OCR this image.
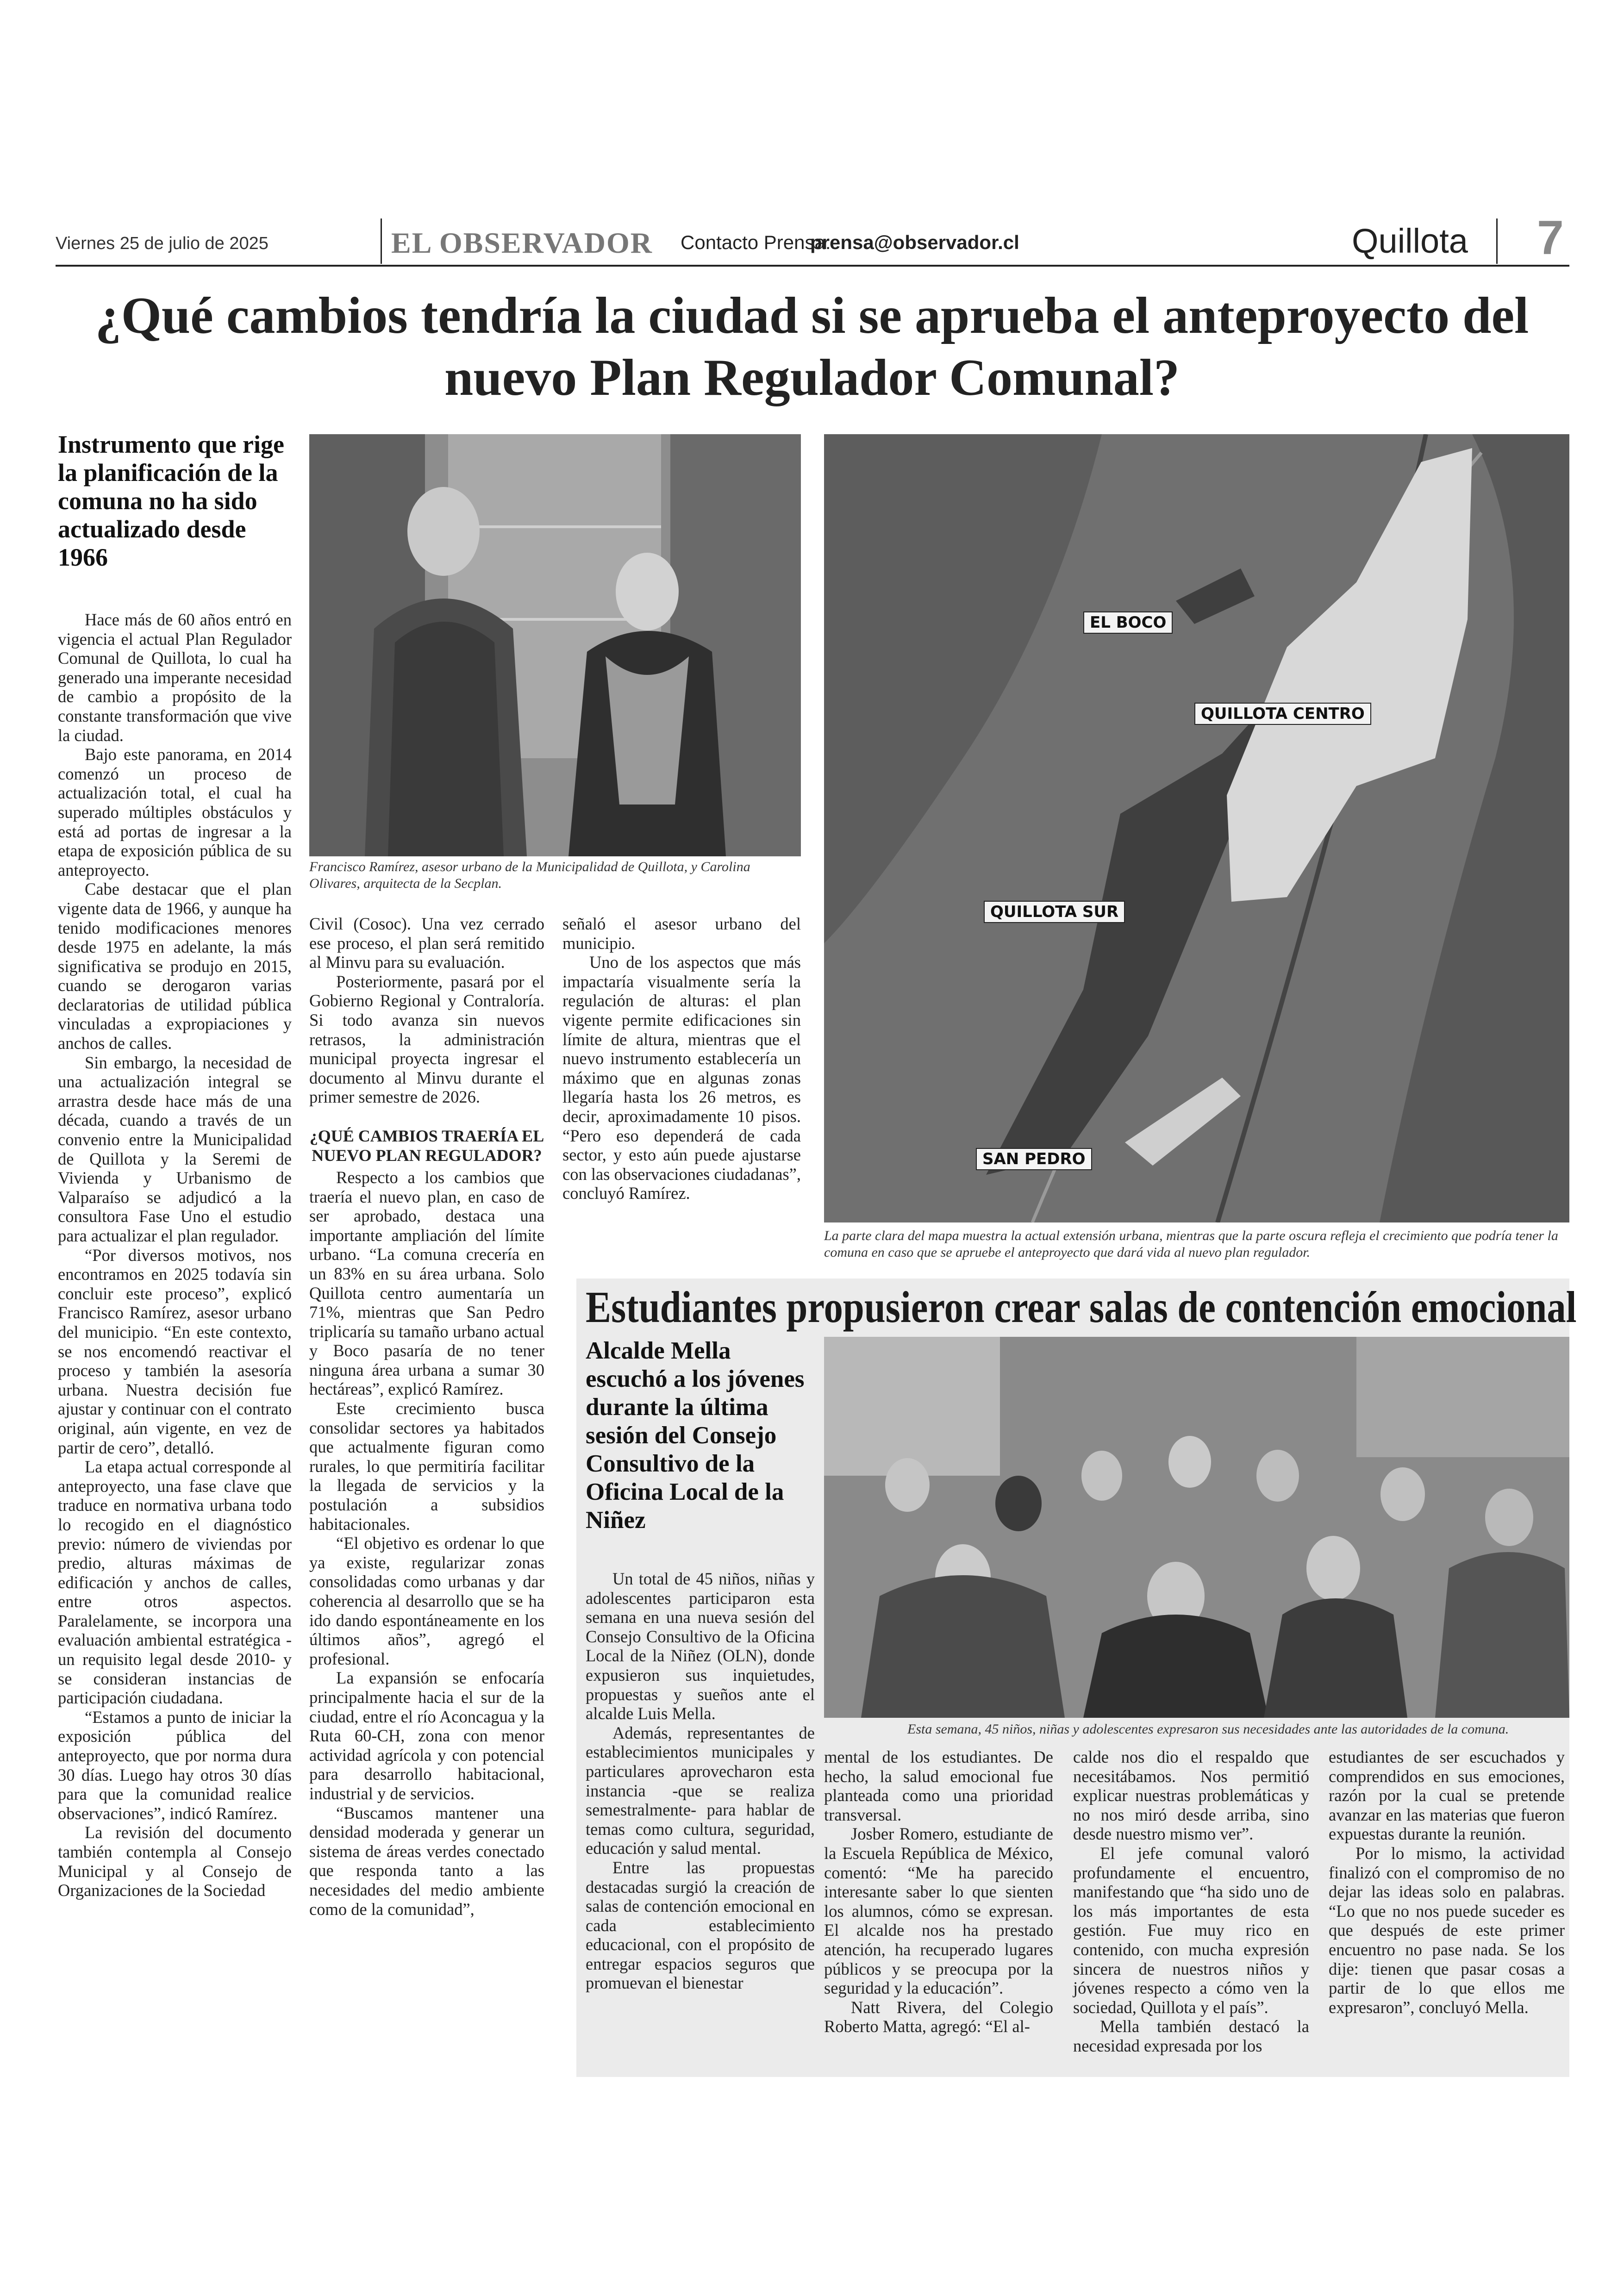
Viernes 25 de julio de 2025	EL OBSERVADOR Contacto Prensa:
prensa@observador.cl	Quillota 7
¿Qué cambios tendría la ciudad si se aprueba el anteproyecto del nuevo Plan Regulador Comunal?
Instrumento que rige la planificación de la comuna no ha sido actualizado desde 1966

Hace más de 60 años entró en vigencia el actual Plan Regulador Comunal de Quillota, lo cual ha generado una imperante necesidad de cambio a propósito de la constante transformación que vive la ciudad.

Bajo este panorama, en 2014 comenzó un proceso de actualización total, el cual ha superado múltiples obstáculos y está ad portas de ingresar a la etapa de exposición pública de su anteproyecto.

Cabe destacar que el plan vigente data de 1966, y aunque ha tenido modificaciones menores desde 1975 en adelante, la más significativa se produjo en 2015, cuando se derogaron varias declaratorias de utilidad pública vinculadas a expropiaciones y anchos de calles.

Sin embargo, la necesidad de una actualización integral se arrastra desde hace más de una década, cuando a través de un convenio entre la Municipalidad de Quillota y la Seremi de Vivienda y Urbanismo de Valparaíso se adjudicó a la consultora Fase Uno el estudio para actualizar el plan regulador.

“Por diversos motivos, nos encontramos en 2025 todavía sin concluir este proceso”, explicó Francisco Ramírez, asesor urbano del municipio. “En este contexto, se nos encomendó reactivar el proceso y también la asesoría urbana. Nuestra decisión fue ajustar y continuar con el contrato original, aún vigente, en vez de partir de cero”, detalló.

La etapa actual corresponde al anteproyecto, una fase clave que traduce en normativa urbana todo lo recogido en el diagnóstico previo: número de viviendas por predio, alturas máximas de edificación y anchos de calles, entre otros aspectos. Paralelamente, se incorpora una evaluación ambiental estratégica -un requisito legal desde 2010- y se consideran instancias de participación ciudadana.

“Estamos a punto de iniciar la exposición pública del anteproyecto, que por norma dura 30 días. Luego hay otros 30 días para que la comunidad realice observaciones”, indicó Ramírez.

La revisión del documento también contempla al Consejo Municipal y al Consejo de Organizaciones de la Sociedad

Francisco Ramírez, asesor urbano de la Municipalidad de Quillota, y Carolina Olivares, arquitecta de la Secplan.

Civil (Cosoc). Una vez cerrado ese proceso, el plan será remitido al Minvu para su evaluación.

Posteriormente, pasará por el Gobierno Regional y Contraloría. Si todo avanza sin nuevos retrasos, la administración municipal proyecta ingresar el documento al Minvu durante el primer semestre de 2026.

¿QUÉ CAMBIOS TRAERÍA EL NUEVO PLAN REGULADOR?

Respecto a los cambios que traería el nuevo plan, en caso de ser aprobado, destaca una importante ampliación del límite urbano. “La comuna crecería en un 83% en su área urbana. Solo Quillota centro aumentaría un 71%, mientras que San Pedro triplicaría su tamaño urbano actual y Boco pasaría de no tener ninguna área urbana a sumar 30 hectáreas”, explicó Ramírez.

Este crecimiento busca consolidar sectores ya habitados que actualmente figuran como rurales, lo que permitiría facilitar la llegada de servicios y la postulación a subsidios habitacionales.

“El objetivo es ordenar lo que ya existe, regularizar zonas consolidadas como urbanas y dar coherencia al desarrollo que se ha ido dando espontáneamente en los últimos años”, agregó el profesional.

La expansión se enfocaría principalmente hacia el sur de la ciudad, entre el río Aconcagua y la Ruta 60-CH, zona con menor actividad agrícola y con potencial para desarrollo habitacional, industrial y de servicios.

“Buscamos mantener una densidad moderada y generar un sistema de áreas verdes conectado que responda tanto a las necesidades del medio ambiente como de la comunidad”,

señaló el asesor urbano del municipio.

Uno de los aspectos que más impactaría visualmente sería la regulación de alturas: el plan vigente permite edificaciones sin límite de altura, mientras que el nuevo instrumento establecería un máximo que en algunas zonas llegaría hasta los 26 metros, es decir, aproximadamente 10 pisos. “Pero eso dependerá de cada sector, y esto aún puede ajustarse con las observaciones ciudadanas”, concluyó Ramírez.

EL BOCO
QUILLOTA CENTRO
QUILLOTA SUR
SAN PEDRO
La parte clara del mapa muestra la actual extensión urbana, mientras que la parte oscura refleja el crecimiento que podría tener la comuna en caso que se apruebe el anteproyecto que dará vida al nuevo plan regulador.
Estudiantes propusieron crear salas de contención emocional
Alcalde Mella escuchó a los jóvenes durante la última sesión del Consejo Consultivo de la Oficina Local de la Niñez

Un total de 45 niños, niñas y adolescentes participaron esta semana en una nueva sesión del Consejo Consultivo de la Oficina Local de la Niñez (OLN), donde expusieron sus inquietudes, propuestas y sueños ante el alcalde Luis Mella.

Además, representantes de establecimientos municipales y particulares aprovecharon esta instancia -que se realiza semestralmente- para hablar de temas como cultura, seguridad, educación y salud mental.

Entre las propuestas destacadas surgió la creación de salas de contención emocional en cada establecimiento educacional, con el propósito de entregar espacios seguros que promuevan el bienestar

Esta semana, 45 niños, niñas y adolescentes expresaron sus necesidades ante las autoridades de la comuna.

mental de los estudiantes. De hecho, la salud emocional fue planteada como una prioridad transversal.

Josber Romero, estudiante de la Escuela República de México, comentó: “Me ha parecido interesante saber lo que sienten los alumnos, cómo se expresan. El alcalde nos ha prestado atención, ha recuperado lugares públicos y se preocupa por la seguridad y la educación”.

Natt Rivera, del Colegio Roberto Matta, agregó: “El al-

calde nos dio el respaldo que necesitábamos. Nos permitió explicar nuestras problemáticas y no nos miró desde arriba, sino desde nuestro mismo ver”.

El jefe comunal valoró profundamente el encuentro, manifestando que “ha sido uno de los más importantes de esta gestión. Fue muy rico en contenido, con mucha expresión sincera de nuestros niños y jóvenes respecto a cómo ven la sociedad, Quillota y el país”.

Mella también destacó la necesidad expresada por los

estudiantes de ser escuchados y comprendidos en sus emociones, razón por la cual se pretende avanzar en las materias que fueron expuestas durante la reunión.

Por lo mismo, la actividad finalizó con el compromiso de no dejar las ideas solo en palabras. “Lo que no nos puede suceder es que después de este primer encuentro no pase nada. Se los dije: tienen que pasar cosas a partir de lo que ellos me expresaron”, concluyó Mella.
